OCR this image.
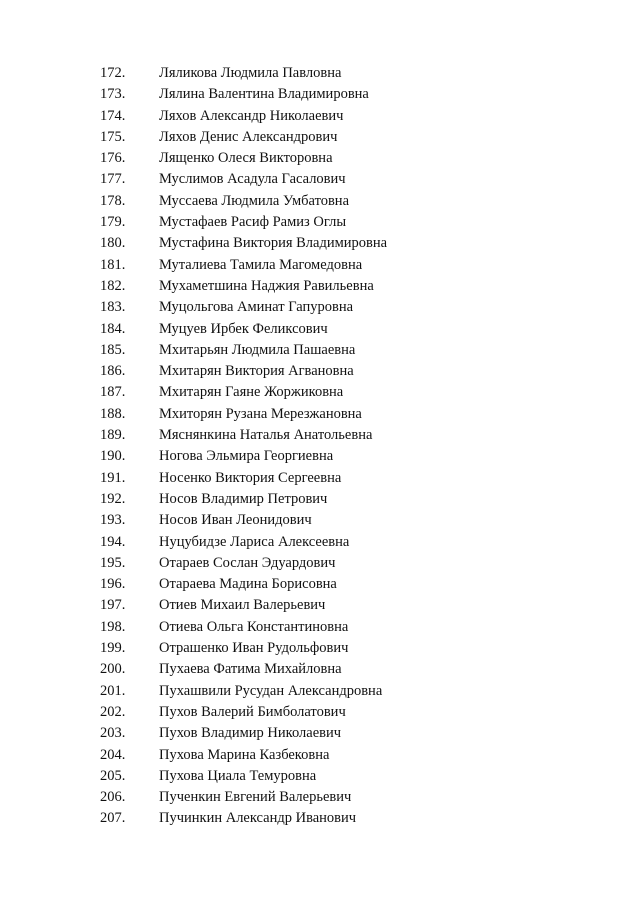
172.	Ляликова Людмила Павловна
173.	Лялина Валентина Владимировна
174.	Ляхов Александр Николаевич
175.	Ляхов Денис Александрович
176.	Лященко Олеся Викторовна
177.	Муслимов Асадула Гасалович
178.	Муссаева Людмила Умбатовна
179.	Мустафаев Расиф Рамиз Оглы
180.	Мустафина Виктория Владимировна
181.	Муталиева Тамила Магомедовна
182.	Мухаметшина Наджия Равильевна
183.	Муцольгова Аминат Гапуровна
184.	Муцуев Ирбек Феликсович
185.	Мхитарьян Людмила Пашаевна
186.	Мхитарян Виктория Агвановна
187.	Мхитарян Гаяне Жоржиковна
188.	Мхиторян Рузана Мерезжановна
189.	Мяснянкина Наталья Анатольевна
190.	Ногова Эльмира Георгиевна
191.	Носенко Виктория Сергеевна
192.	Носов Владимир Петрович
193.	Носов Иван Леонидович
194.	Нуцубидзе Лариса Алексеевна
195.	Отараев Сослан Эдуардович
196.	Отараева Мадина Борисовна
197.	Отиев Михаил Валерьевич
198.	Отиева Ольга Константиновна
199.	Отрашенко Иван Рудольфович
200.	Пухаева Фатима Михайловна
201.	Пухашвили Русудан Александровна
202.	Пухов Валерий Бимболатович
203.	Пухов Владимир Николаевич
204.	Пухова Марина Казбековна
205.	Пухова Циала Темуровна
206.	Пученкин Евгений Валерьевич
207.	Пучинкин Александр Иванович
